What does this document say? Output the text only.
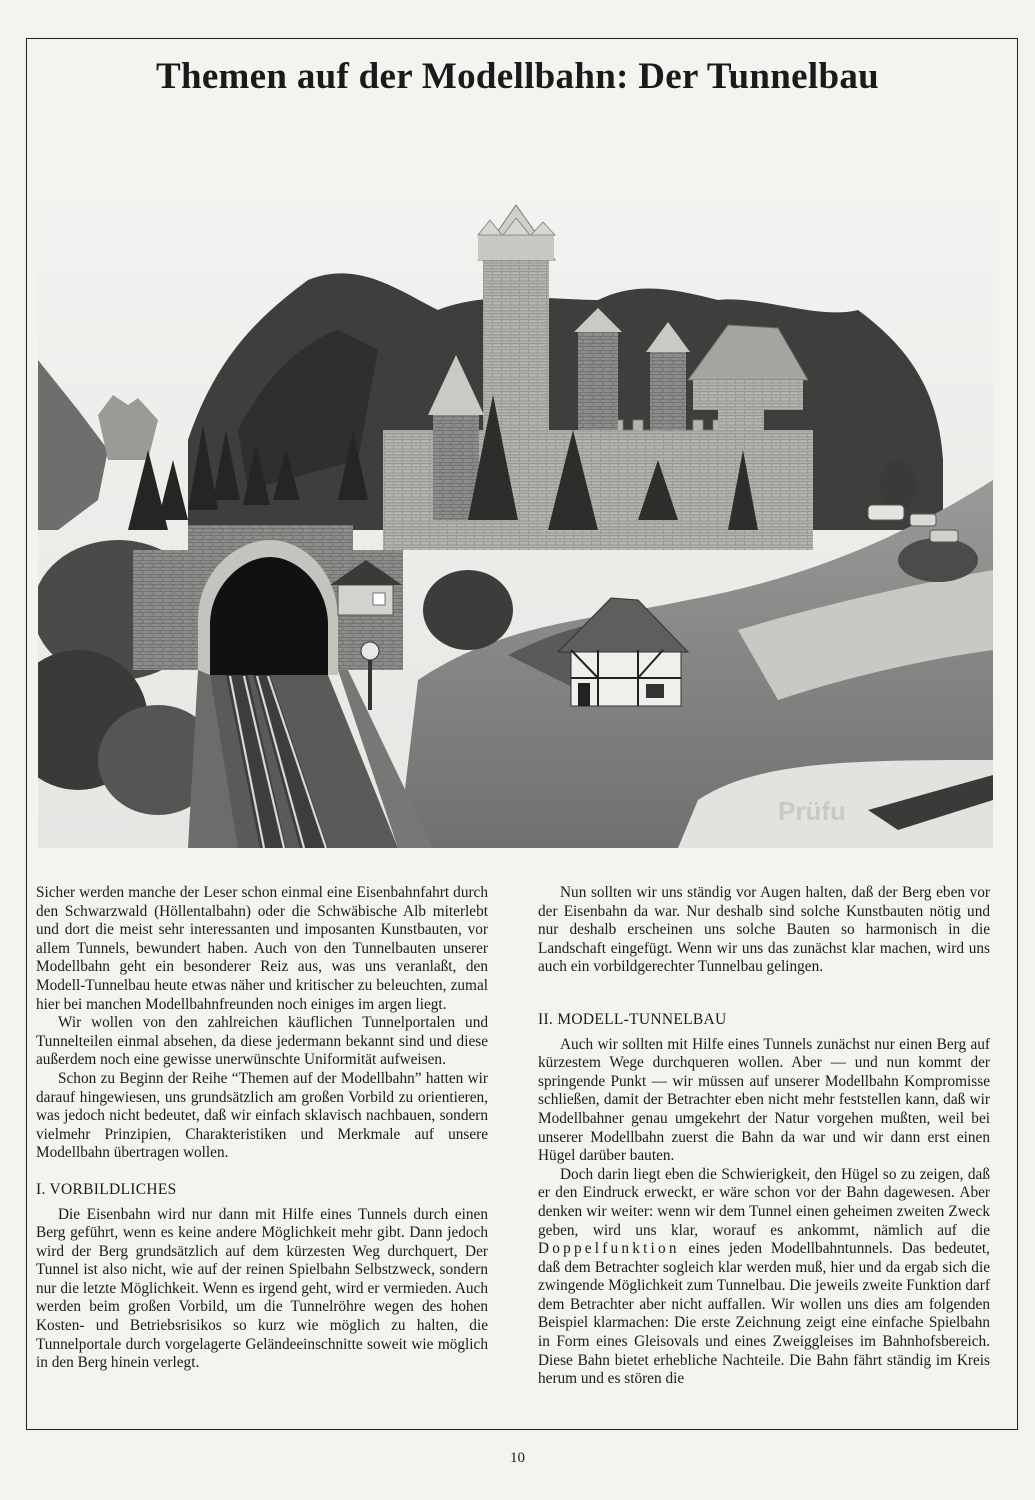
Themen auf der Modellbahn: Der Tunnelbau
Prüfu

Sicher werden manche der Leser schon einmal eine Eisenbahnfahrt durch den Schwarzwald (Höllentalbahn) oder die Schwäbische Alb miterlebt und dort die meist sehr interessanten und imposanten Kunstbauten, vor allem Tunnels, bewundert haben. Auch von den Tunnelbauten unserer Modellbahn geht ein besonderer Reiz aus, was uns veranlaßt, den Modell-Tunnelbau heute etwas näher und kritischer zu beleuchten, zumal hier bei manchen Modellbahnfreunden noch einiges im argen liegt.

Wir wollen von den zahlreichen käuflichen Tunnelportalen und Tunnelteilen einmal absehen, da diese jedermann bekannt sind und diese außerdem noch eine gewisse unerwünschte Uniformität aufweisen.

Schon zu Beginn der Reihe “Themen auf der Modellbahn” hatten wir darauf hingewiesen, uns grundsätzlich am großen Vorbild zu orientieren, was jedoch nicht bedeutet, daß wir einfach sklavisch nachbauen, sondern vielmehr Prinzipien, Charakteristiken und Merkmale auf unsere Modellbahn übertragen wollen.

I. VORBILDLICHES

Die Eisenbahn wird nur dann mit Hilfe eines Tunnels durch einen Berg geführt, wenn es keine andere Möglichkeit mehr gibt. Dann jedoch wird der Berg grundsätzlich auf dem kürzesten Weg durchquert, Der Tunnel ist also nicht, wie auf der reinen Spielbahn Selbstzweck, sondern nur die letzte Möglichkeit. Wenn es irgend geht, wird er vermieden. Auch werden beim großen Vorbild, um die Tunnelröhre wegen des hohen Kosten- und Betriebsrisikos so kurz wie möglich zu halten, die Tunnelportale durch vorgelagerte Geländeeinschnitte soweit wie möglich in den Berg hinein verlegt.

Nun sollten wir uns ständig vor Augen halten, daß der Berg eben vor der Eisenbahn da war. Nur deshalb sind solche Kunstbauten nötig und nur deshalb erscheinen uns solche Bauten so harmonisch in die Landschaft eingefügt. Wenn wir uns das zunächst klar machen, wird uns auch ein vorbildgerechter Tunnelbau gelingen.

II. MODELL-TUNNELBAU

Auch wir sollten mit Hilfe eines Tunnels zunächst nur einen Berg auf kürzestem Wege durchqueren wollen. Aber — und nun kommt der springende Punkt — wir müssen auf unserer Modellbahn Kompromisse schließen, damit der Betrachter eben nicht mehr feststellen kann, daß wir Modellbahner genau umgekehrt der Natur vorgehen mußten, weil bei unserer Modellbahn zuerst die Bahn da war und wir dann erst einen Hügel darüber bauten.

Doch darin liegt eben die Schwierigkeit, den Hügel so zu zeigen, daß er den Eindruck erweckt, er wäre schon vor der Bahn dagewesen. Aber denken wir weiter: wenn wir dem Tunnel einen geheimen zweiten Zweck geben, wird uns klar, worauf es ankommt, nämlich auf die Doppelfunktion eines jeden Modellbahntunnels. Das bedeutet, daß dem Betrachter sogleich klar werden muß, hier und da ergab sich die zwingende Möglichkeit zum Tunnelbau. Die jeweils zweite Funktion darf dem Betrachter aber nicht auffallen. Wir wollen uns dies am folgenden Beispiel klarmachen: Die erste Zeichnung zeigt eine einfache Spielbahn in Form eines Gleisovals und eines Zweiggleises im Bahnhofsbereich. Diese Bahn bietet erhebliche Nachteile. Die Bahn fährt ständig im Kreis herum und es stören die

10
